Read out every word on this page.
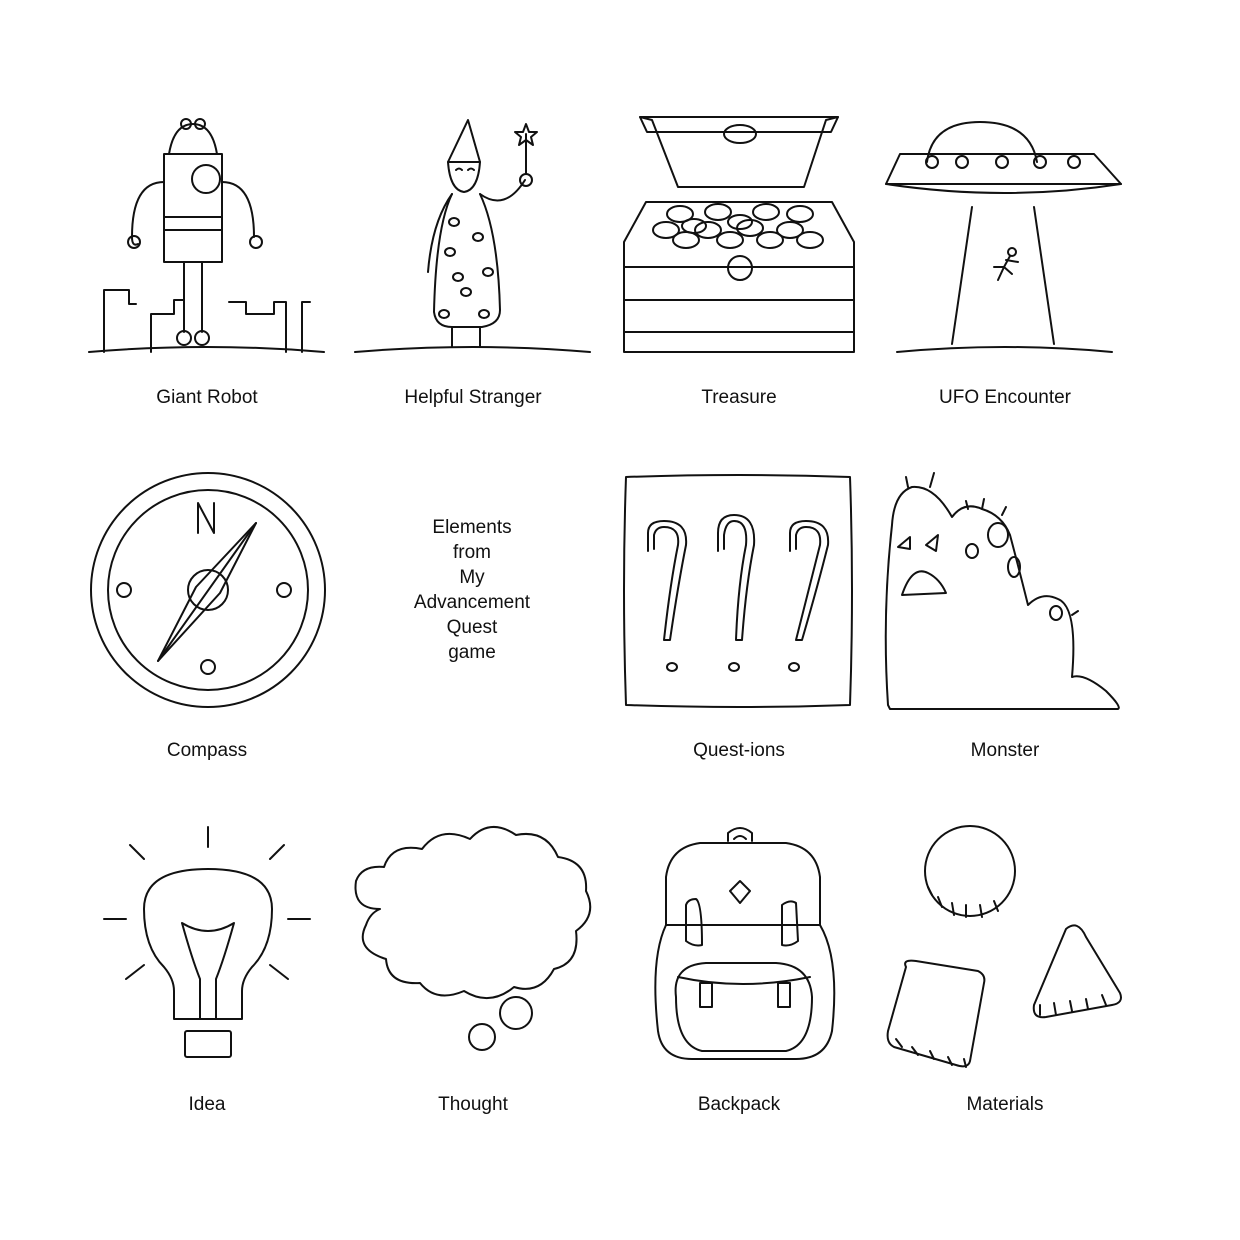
Giant Robot	Helpful Stranger	Treasure	UFO Encounter
Compass	Quest-ions	Monster
Idea	Thought	Backpack	Materials
Elements
from
My
Advancement
Quest
game
